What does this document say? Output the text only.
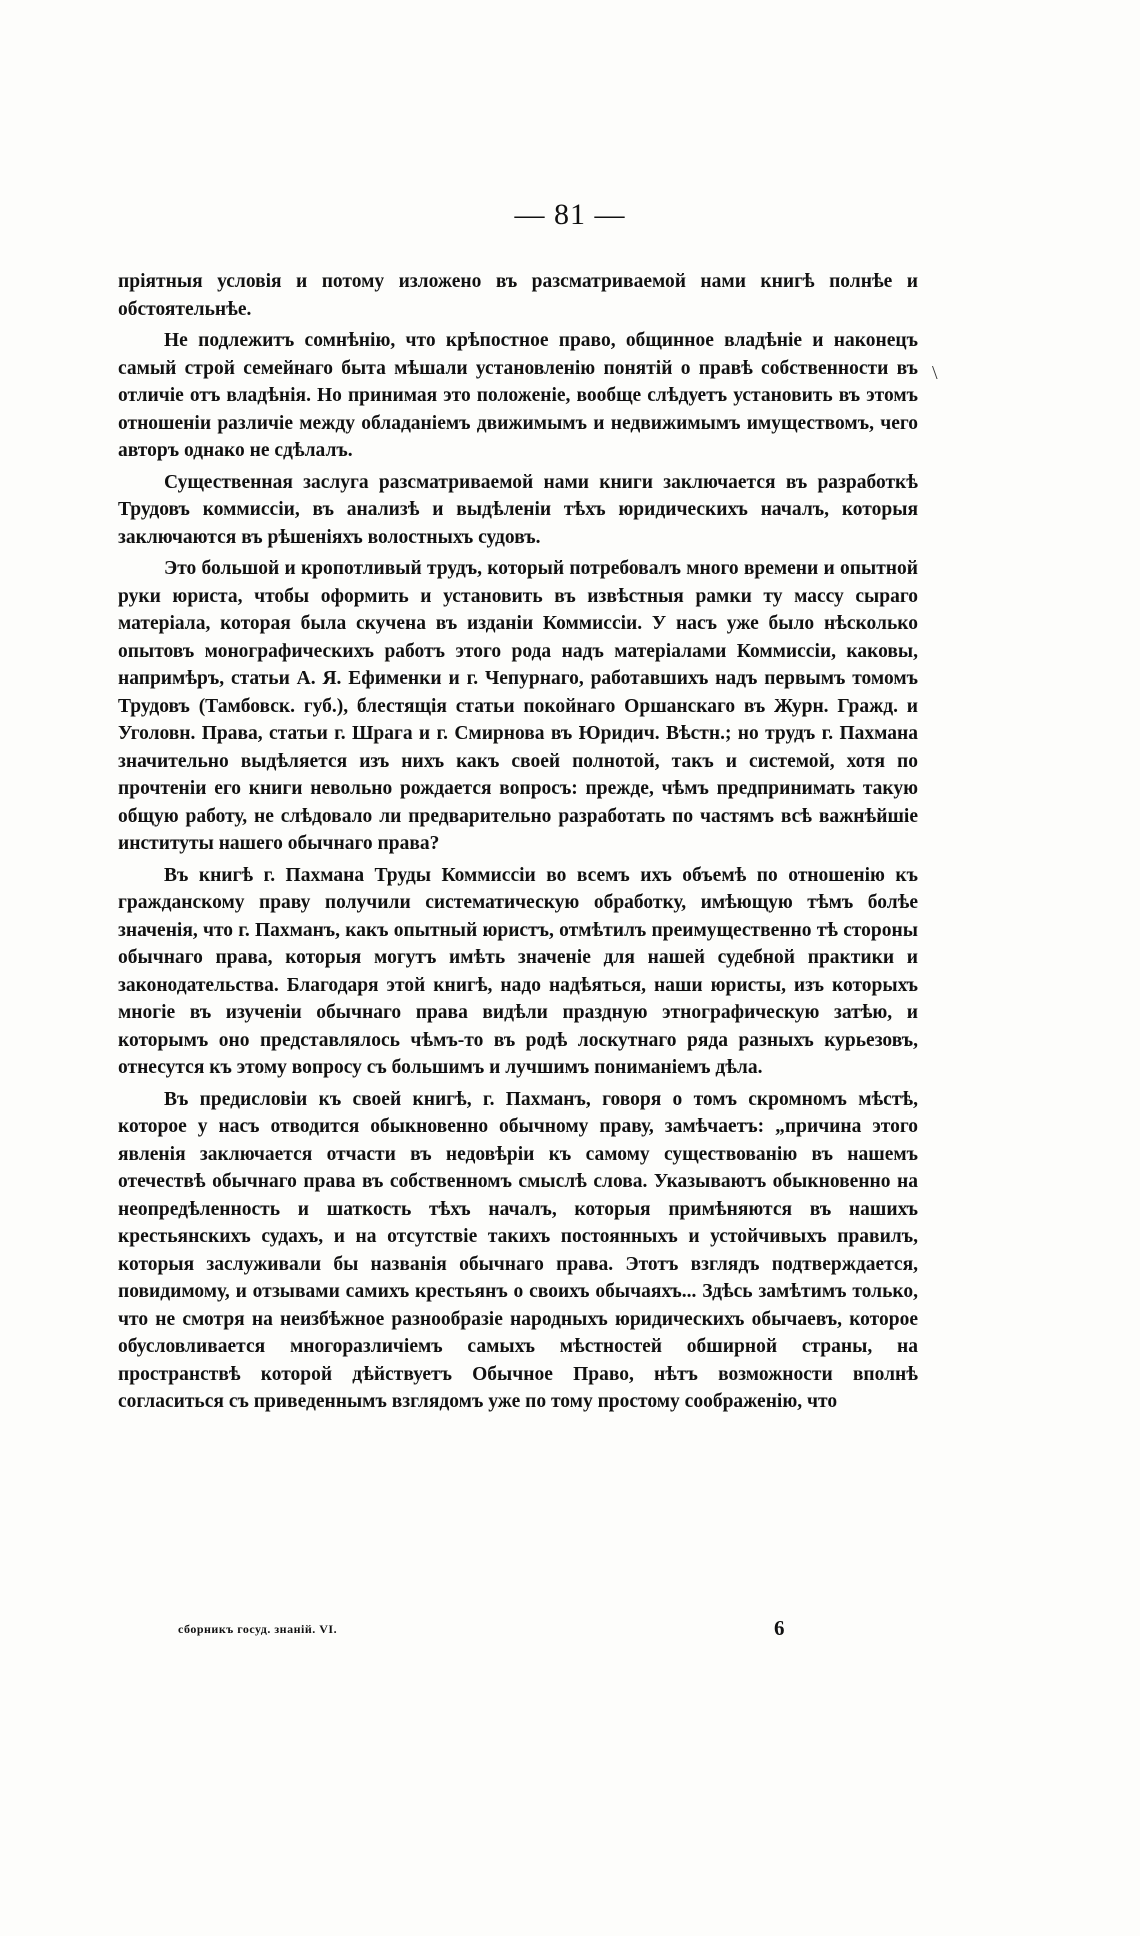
— 81 —
\

пріятныя условія и потому изложено въ разсматриваемой нами книгѣ полнѣе и обстоятельнѣе.

Не подлежитъ сомнѣнію, что крѣпостное право, общинное владѣніе и наконецъ самый строй семейнаго быта мѣшали установленію понятій о правѣ собственности въ отличіе отъ владѣнія. Но принимая это положеніе, вообще слѣдуетъ установить въ этомъ отношеніи различіе между обладаніемъ движимымъ и недвижимымъ имуществомъ, чего авторъ однако не сдѣлалъ.

Существенная заслуга разсматриваемой нами книги заключается въ разработкѣ Трудовъ коммиссіи, въ анализѣ и выдѣленіи тѣхъ юридическихъ началъ, которыя заключаются въ рѣшеніяхъ волостныхъ судовъ.

Это большой и кропотливый трудъ, который потребовалъ много времени и опытной руки юриста, чтобы оформить и установить въ извѣстныя рамки ту массу сыраго матеріала, которая была скучена въ изданіи Коммиссіи. У насъ уже было нѣсколько опытовъ монографическихъ работъ этого рода надъ матеріалами Коммиссіи, каковы, напримѣръ, статьи А. Я. Ефименки и г. Чепурнаго, работавшихъ надъ первымъ томомъ Трудовъ (Тамбовск. губ.), блестящія статьи покойнаго Оршанскаго въ Журн. Гражд. и Уголовн. Права, статьи г. Шрага и г. Смирнова въ Юридич. Вѣстн.; но трудъ г. Пахмана значительно выдѣляется изъ нихъ какъ своей полнотой, такъ и системой, хотя по прочтеніи его книги невольно рождается вопросъ: прежде, чѣмъ предпринимать такую общую работу, не слѣдовало ли предварительно разработать по частямъ всѣ важнѣйшіе институты нашего обычнаго права?

Въ книгѣ г. Пахмана Труды Коммиссіи во всемъ ихъ объемѣ по отношенію къ гражданскому праву получили систематическую обработку, имѣющую тѣмъ болѣе значенія, что г. Пахманъ, какъ опытный юристъ, отмѣтилъ преимущественно тѣ стороны обычнаго права, которыя могутъ имѣть значеніе для нашей судебной практики и законодательства. Благодаря этой книгѣ, надо надѣяться, наши юристы, изъ которыхъ многіе въ изученіи обычнаго права видѣли праздную этнографическую затѣю, и которымъ оно представлялось чѣмъ-то въ родѣ лоскутнаго ряда разныхъ курьезовъ, отнесутся къ этому вопросу съ большимъ и лучшимъ пониманіемъ дѣла.

Въ предисловіи къ своей книгѣ, г. Пахманъ, говоря о томъ скромномъ мѣстѣ, которое у насъ отводится обыкновенно обычному праву, замѣчаетъ: „причина этого явленія заключается отчасти въ недовѣріи къ самому существованію въ нашемъ отечествѣ обычнаго права въ собственномъ смыслѣ слова. Указываютъ обыкновенно на неопредѣленность и шаткость тѣхъ началъ, которыя примѣняются въ нашихъ крестьянскихъ судахъ, и на отсутствіе такихъ постоянныхъ и устойчивыхъ правилъ, которыя заслуживали бы названія обычнаго права. Этотъ взглядъ подтверждается, повидимому, и отзывами самихъ крестьянъ о своихъ обычаяхъ... Здѣсь замѣтимъ только, что не смотря на неизбѣжное разнообразіе народныхъ юридическихъ обычаевъ, которое обусловливается многоразличіемъ самыхъ мѣстностей обширной страны, на пространствѣ которой дѣйствуетъ Обычное Право, нѣтъ возможности вполнѣ согласиться съ приведеннымъ взглядомъ уже по тому простому соображенію, что

сборникъ госуд. знаній. VI.	6
